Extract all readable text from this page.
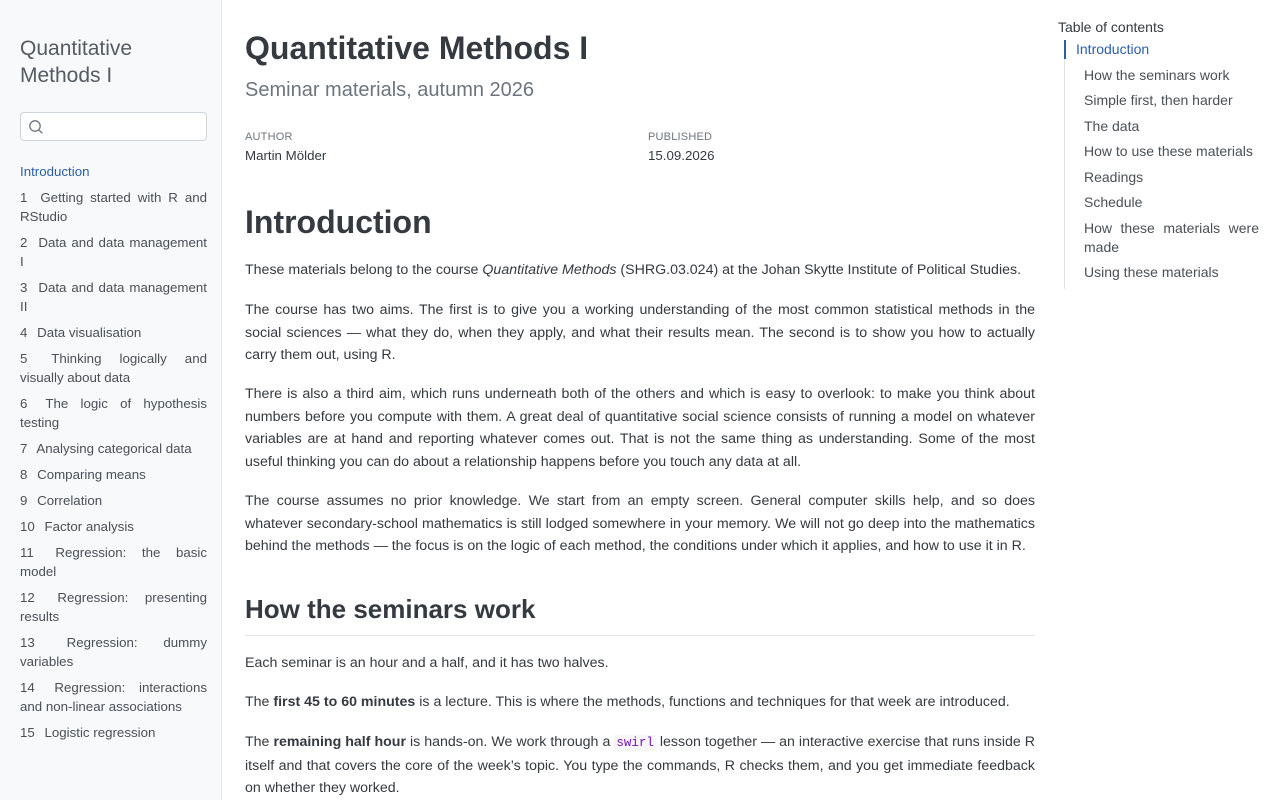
Quantitative Methods I
Introduction
1 Getting started with R and RStudio
2 Data and data management I
3 Data and data management II
4 Data visualisation
5 Thinking logically and visually about data
6 The logic of hypothesis testing
7 Analysing categorical data
8 Comparing means
9 Correlation
10 Factor analysis
11 Regression: the basic model
12 Regression: presenting results
13 Regression: dummy variables
14 Regression: interactions and non-linear associations
15 Logistic regression
Quantitative Methods I

Seminar materials, autumn 2026

AUTHOR
Martin Mölder
PUBLISHED
15.09.2026
Introduction

These materials belong to the course Quantitative Methods (SHRG.03.024) at the Johan Skytte Institute of Political Studies.

The course has two aims. The first is to give you a working understanding of the most common statistical methods in the social sciences — what they do, when they apply, and what their results mean. The second is to show you how to actually carry them out, using R.

There is also a third aim, which runs underneath both of the others and which is easy to overlook: to make you think about numbers before you compute with them. A great deal of quantitative social science consists of running a model on whatever variables are at hand and reporting whatever comes out. That is not the same thing as understanding. Some of the most useful thinking you can do about a relationship happens before you touch any data at all.

The course assumes no prior knowledge. We start from an empty screen. General computer skills help, and so does whatever secondary-school mathematics is still lodged somewhere in your memory. We will not go deep into the mathematics behind the methods — the focus is on the logic of each method, the conditions under which it applies, and how to use it in R.

How the seminars work

Each seminar is an hour and a half, and it has two halves.

The first 45 to 60 minutes is a lecture. This is where the methods, functions and techniques for that week are introduced.

The remaining half hour is hands-on. We work through a swirl lesson together — an interactive exercise that runs inside R itself and that covers the core of the week’s topic. You type the commands, R checks them, and you get immediate feedback on whether they worked.

Table of contents
Introduction
How the seminars work
Simple first, then harder
The data
How to use these materials
Readings
Schedule
How these materials were made
Using these materials
